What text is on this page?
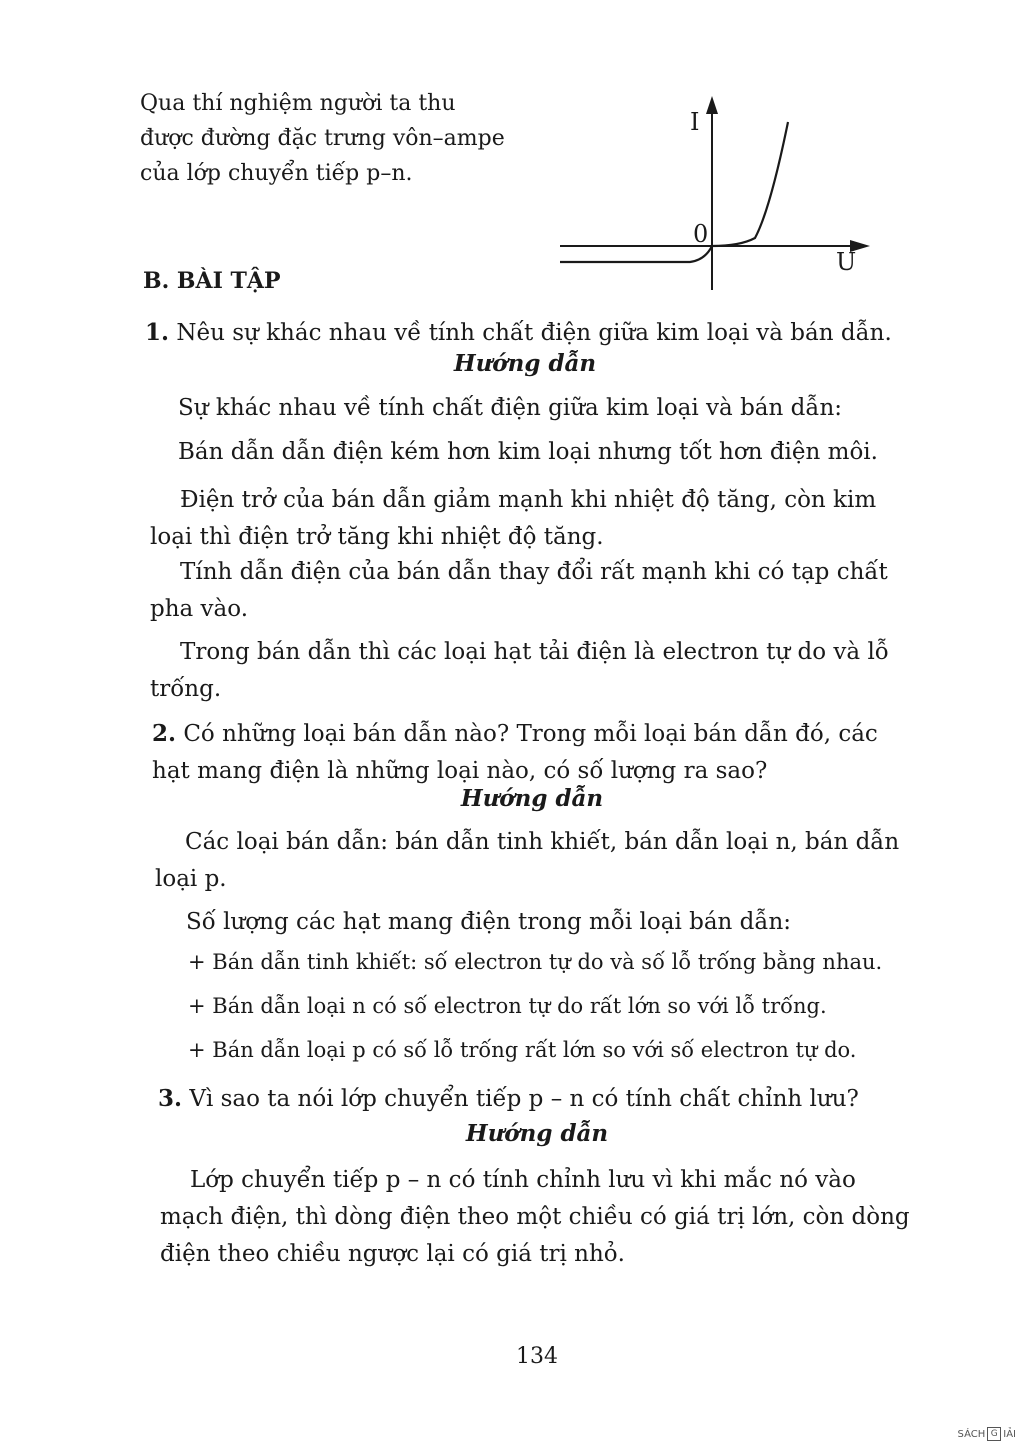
Qua thí nghiệm người ta thu
được đường đặc trưng vôn–ampe
của lớp chuyển tiếp p–n.

I
U
0
B. BÀI TẬP

1. Nêu sự khác nhau về tính chất điện giữa kim loại và bán dẫn.

Hướng dẫn

Sự khác nhau về tính chất điện giữa kim loại và bán dẫn:

Bán dẫn dẫn điện kém hơn kim loại nhưng tốt hơn điện môi.

Điện trở của bán dẫn giảm mạnh khi nhiệt độ tăng, còn kim loại thì điện trở tăng khi nhiệt độ tăng.

Tính dẫn điện của bán dẫn thay đổi rất mạnh khi có tạp chất pha vào.

Trong bán dẫn thì các loại hạt tải điện là electron tự do và lỗ trống.

2. Có những loại bán dẫn nào? Trong mỗi loại bán dẫn đó, các hạt mang điện là những loại nào, có số lượng ra sao?

Hướng dẫn

Các loại bán dẫn: bán dẫn tinh khiết, bán dẫn loại n, bán dẫn loại p.

Số lượng các hạt mang điện trong mỗi loại bán dẫn:

+ Bán dẫn tinh khiết: số electron tự do và số lỗ trống bằng nhau.

+ Bán dẫn loại n có số electron tự do rất lớn so với lỗ trống.

+ Bán dẫn loại p có số lỗ trống rất lớn so với số electron tự do.

3. Vì sao ta nói lớp chuyển tiếp p – n có tính chất chỉnh lưu?

Hướng dẫn

Lớp chuyển tiếp p – n có tính chỉnh lưu vì khi mắc nó vào mạch điện, thì dòng điện theo một chiều có giá trị lớn, còn dòng điện theo chiều ngược lại có giá trị nhỏ.

134

SÁCH G IẢI
